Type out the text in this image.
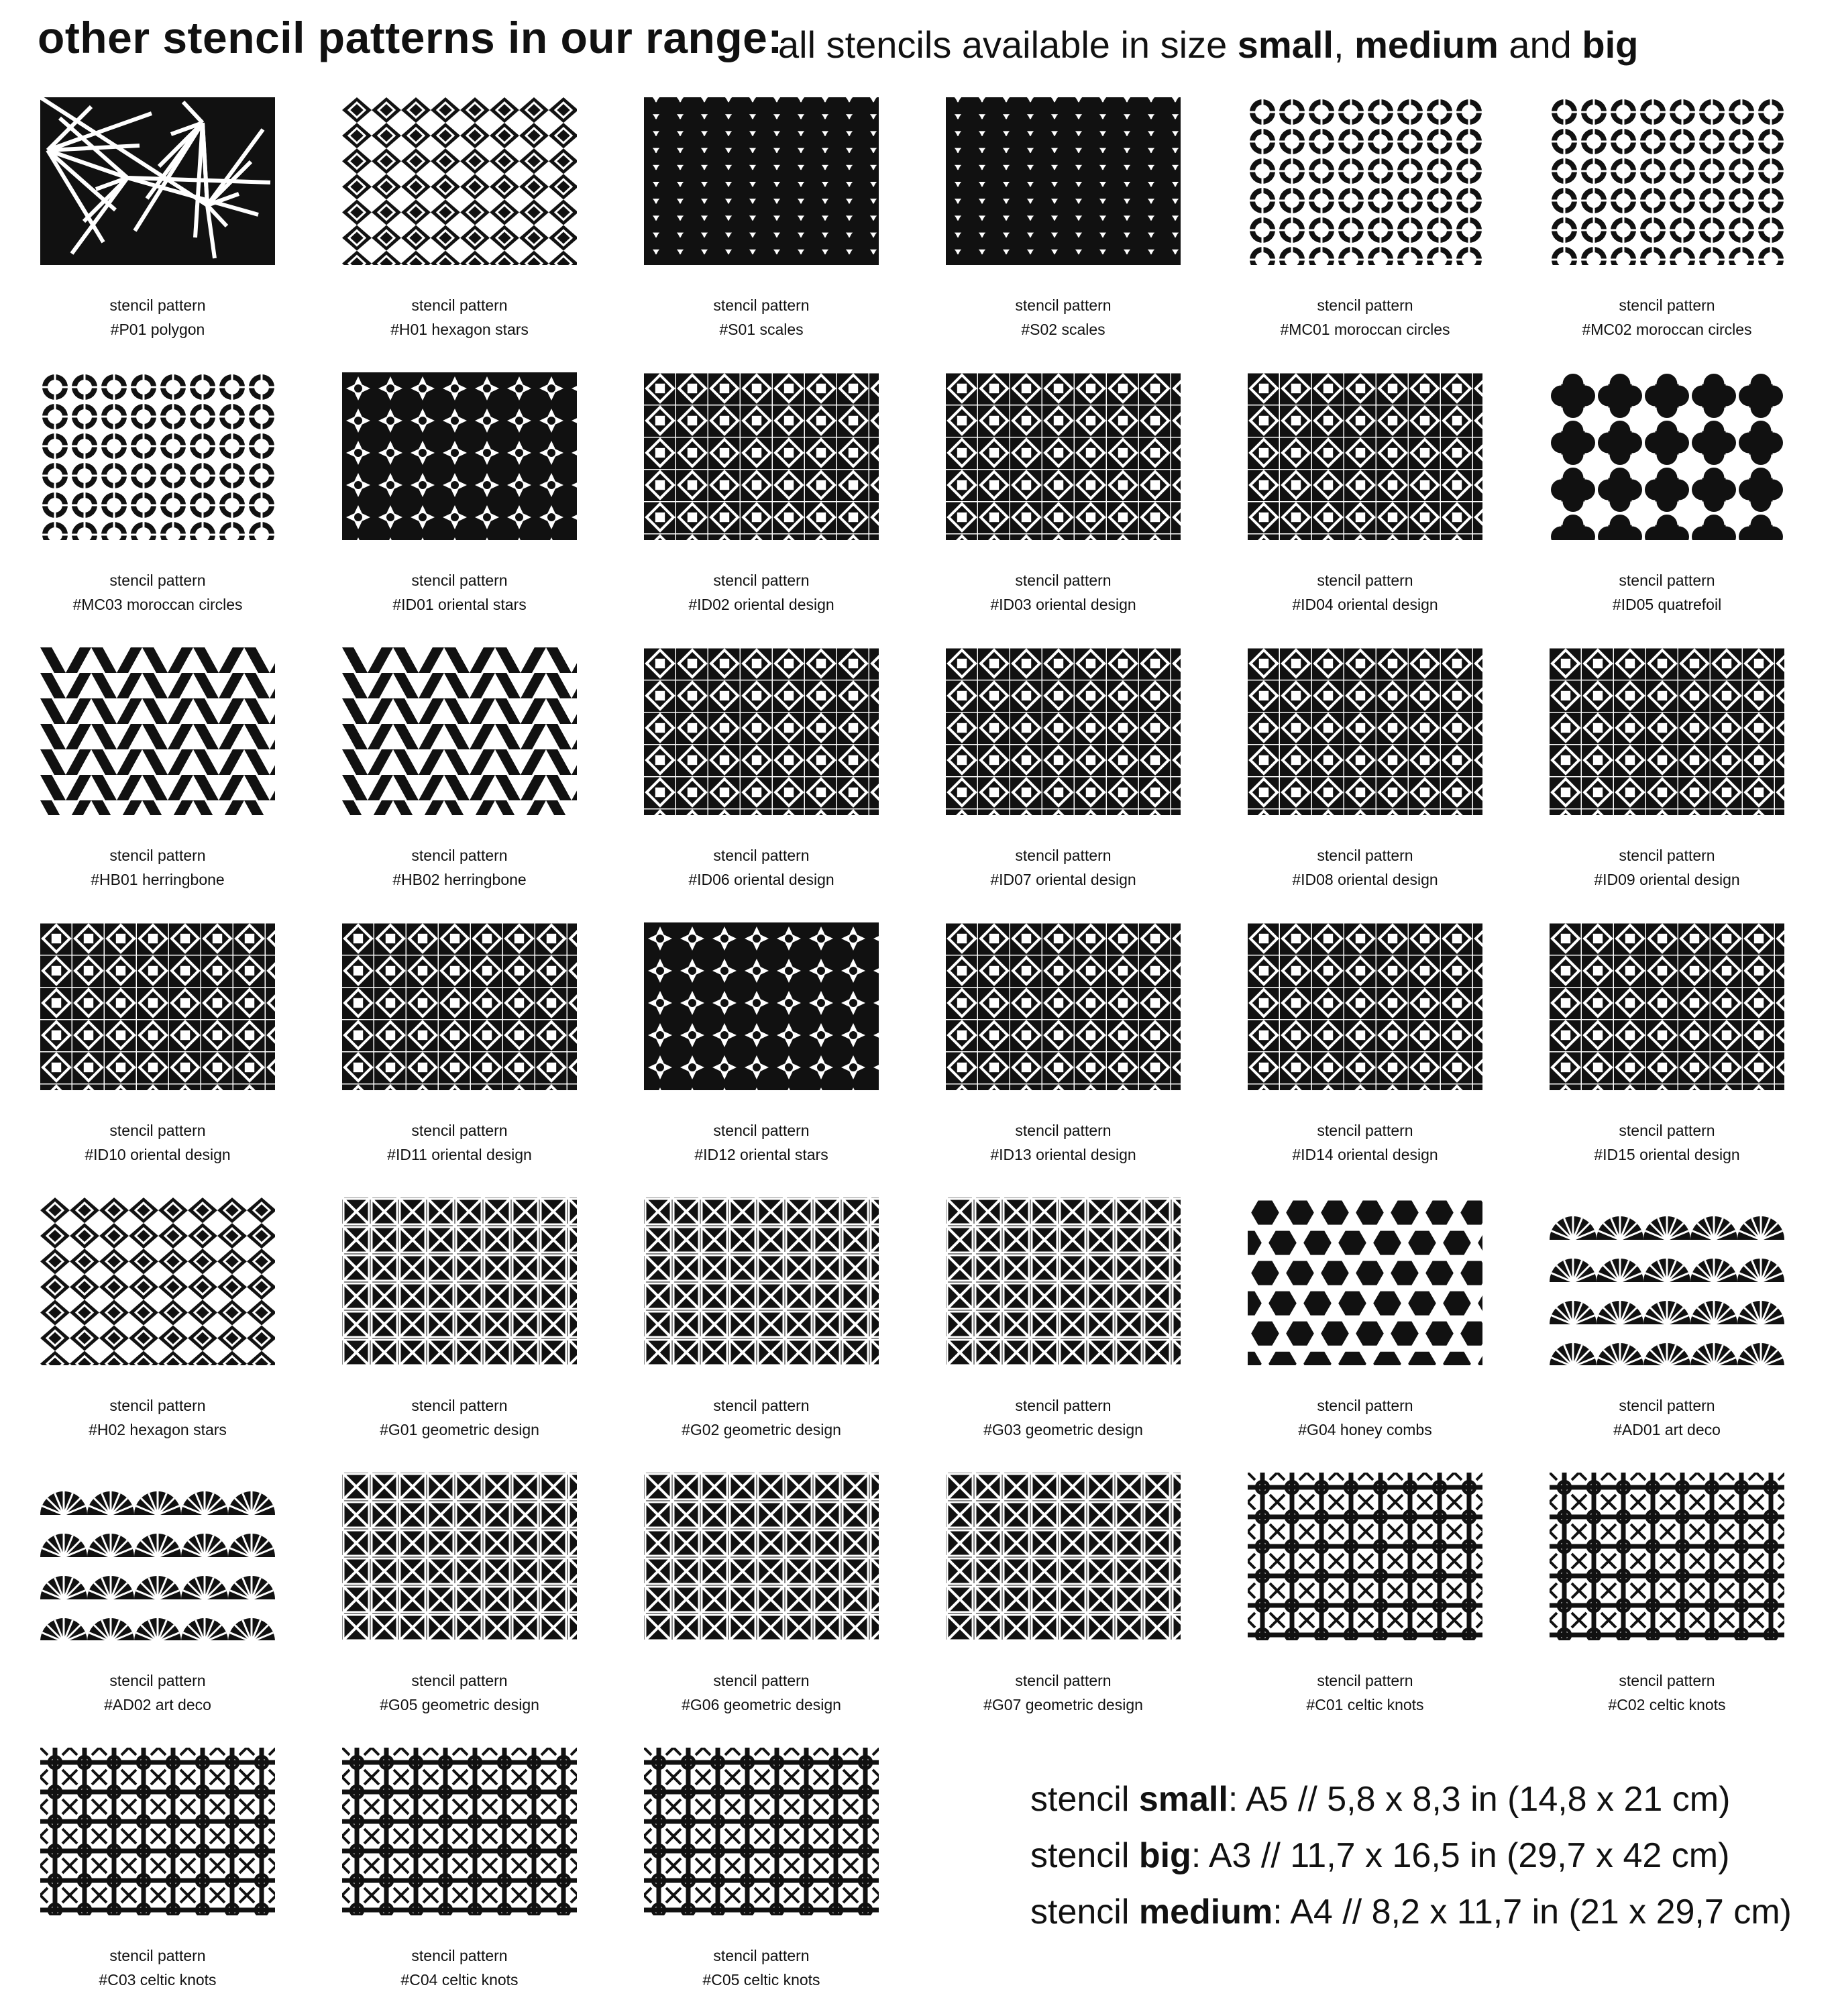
other stencil patterns in our range:
all stencils available in size small, medium and big
stencil pattern
#P01 polygon
stencil pattern
#H01 hexagon stars
stencil pattern
#S01 scales
stencil pattern
#S02 scales
stencil pattern
#MC01 moroccan circles
stencil pattern
#MC02 moroccan circles
stencil pattern
#MC03 moroccan circles
stencil pattern
#ID01 oriental stars
stencil pattern
#ID02 oriental design
stencil pattern
#ID03 oriental design
stencil pattern
#ID04 oriental design
stencil pattern
#ID05 quatrefoil
stencil pattern
#HB01 herringbone
stencil pattern
#HB02 herringbone
stencil pattern
#ID06 oriental design
stencil pattern
#ID07 oriental design
stencil pattern
#ID08 oriental design
stencil pattern
#ID09 oriental design
stencil pattern
#ID10 oriental design
stencil pattern
#ID11 oriental design
stencil pattern
#ID12 oriental stars
stencil pattern
#ID13 oriental design
stencil pattern
#ID14 oriental design
stencil pattern
#ID15 oriental design
stencil pattern
#H02 hexagon stars
stencil pattern
#G01 geometric design
stencil pattern
#G02 geometric design
stencil pattern
#G03 geometric design
stencil pattern
#G04 honey combs
stencil pattern
#AD01 art deco
stencil pattern
#AD02 art deco
stencil pattern
#G05 geometric design
stencil pattern
#G06 geometric design
stencil pattern
#G07 geometric design
stencil pattern
#C01 celtic knots
stencil pattern
#C02 celtic knots
stencil pattern
#C03 celtic knots
stencil pattern
#C04 celtic knots
stencil pattern
#C05 celtic knots
stencil small: A5 // 5,8 x 8,3 in (14,8 x 21 cm)
stencil big: A3 // 11,7 x 16,5 in (29,7 x 42 cm)
stencil medium: A4 // 8,2 x 11,7 in (21 x 29,7 cm)
